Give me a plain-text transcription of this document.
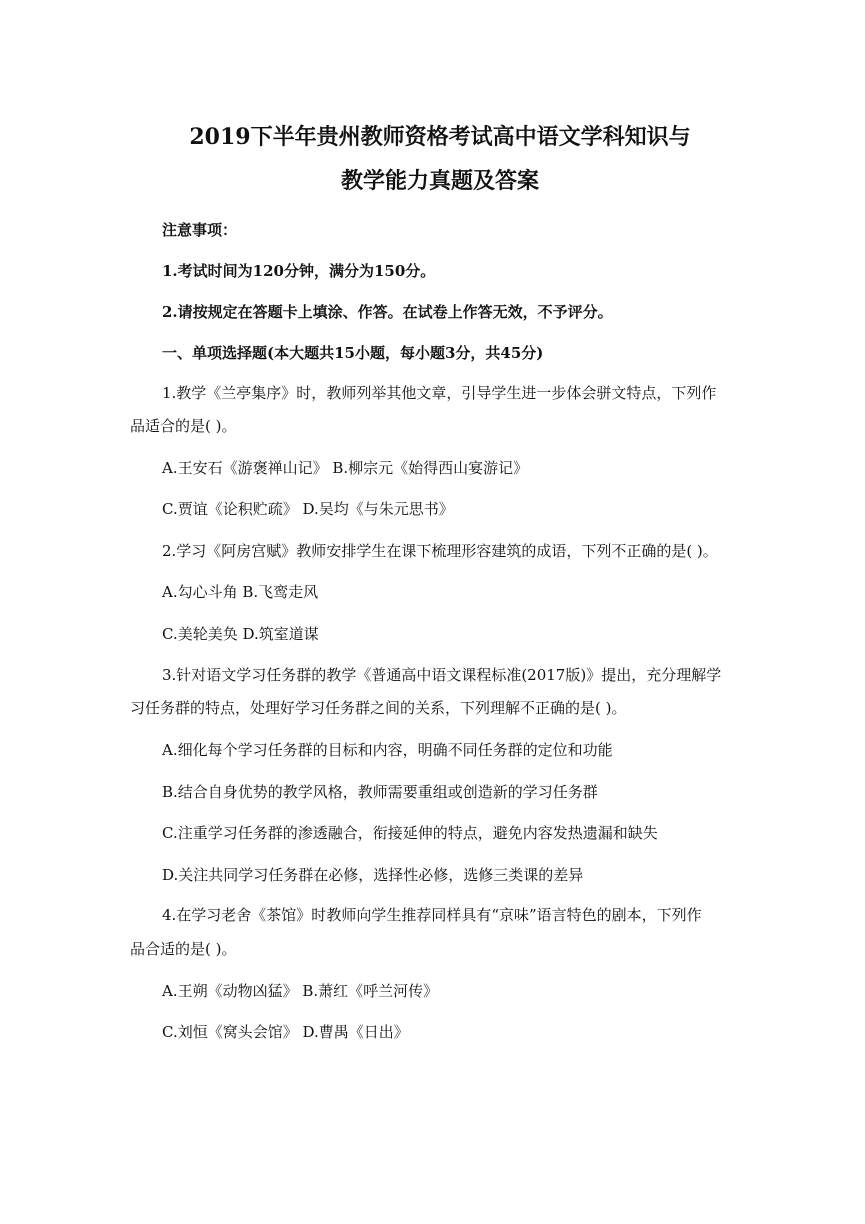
2019下半年贵州教师资格考试高中语文学科知识与
教学能力真题及答案
注意事项：
1.考试时间为120分钟，满分为150分。
2.请按规定在答题卡上填涂、作答。在试卷上作答无效，不予评分。
一、单项选择题(本大题共15小题，每小题3分，共45分)
1.教学《兰亭集序》时，教师列举其他文章，引导学生进一步体会骈文特点，下列作
品适合的是( )。
A.王安石《游褒禅山记》 B.柳宗元《始得西山宴游记》
C.贾谊《论积贮疏》 D.吴均《与朱元思书》
2.学习《阿房宫赋》教师安排学生在课下梳理形容建筑的成语，下列不正确的是( )。
A.勾心斗角 B.飞鸾走风
C.美轮美奂 D.筑室道谋
3.针对语文学习任务群的教学《普通高中语文课程标准(2017版)》提出，充分理解学
习任务群的特点，处理好学习任务群之间的关系，下列理解不正确的是( )。
A.细化每个学习任务群的目标和内容，明确不同任务群的定位和功能
B.结合自身优势的教学风格，教师需要重组或创造新的学习任务群
C.注重学习任务群的渗透融合，衔接延伸的特点，避免内容发热遗漏和缺失
D.关注共同学习任务群在必修，选择性必修，选修三类课的差异
4.在学习老舍《茶馆》时教师向学生推荐同样具有“京味”语言特色的剧本，下列作
品合适的是( )。
A.王朔《动物凶猛》 B.萧红《呼兰河传》
C.刘恒《窝头会馆》 D.曹禺《日出》
